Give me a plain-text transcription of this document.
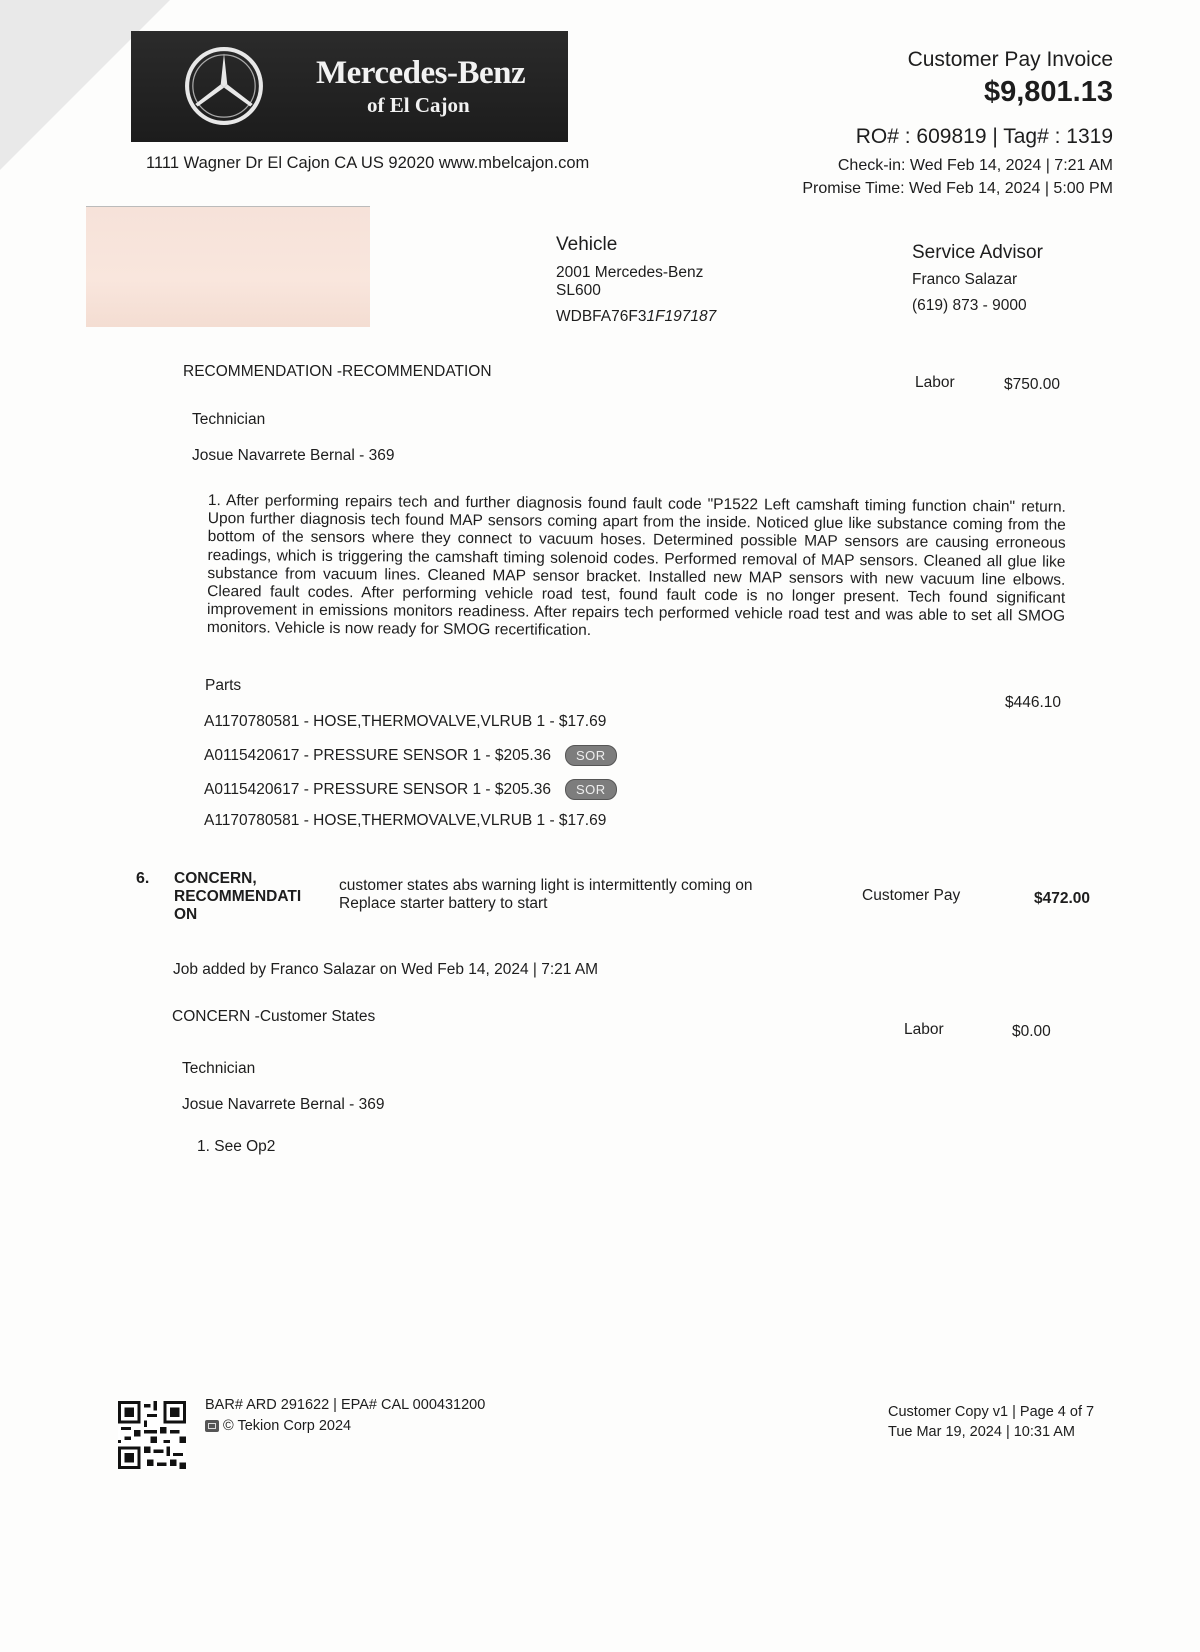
Mercedes-Benz
of El Cajon
1111 Wagner Dr El Cajon CA US 92020 www.mbelcajon.com
Customer Pay Invoice
$9,801.13
RO# : 609819 | Tag# : 1319
Check-in: Wed Feb 14, 2024 | 7:21 AM
Promise Time: Wed Feb 14, 2024 | 5:00 PM
Vehicle
2001 Mercedes-Benz
SL600
WDBFA76F31F197187
Service Advisor
Franco Salazar
(619) 873 - 9000
RECOMMENDATION -RECOMMENDATION
Labor	$750.00
Technician
Josue Navarrete Bernal - 369
1. After performing repairs tech and further diagnosis found fault code "P1522 Left camshaft timing function chain" return. Upon further diagnosis tech found MAP sensors coming apart from the inside. Noticed glue like substance coming from the bottom of the sensors where they connect to vacuum hoses. Determined possible MAP sensors are causing erroneous readings, which is triggering the camshaft timing solenoid codes. Performed removal of MAP sensors. Cleaned all glue like substance from vacuum lines. Cleaned MAP sensor bracket. Installed new MAP sensors with new vacuum line elbows. Cleared fault codes. After performing vehicle road test, found fault code is no longer present. Tech found significant improvement in emissions monitors readiness. After repairs tech performed vehicle road test and was able to set all SMOG monitors. Vehicle is now ready for SMOG recertification.
Parts
$446.10
A1170780581 - HOSE,THERMOVALVE,VLRUB 1 - $17.69
A0115420617 - PRESSURE SENSOR 1 - $205.36	SOR
A0115420617 - PRESSURE SENSOR 1 - $205.36	SOR
A1170780581 - HOSE,THERMOVALVE,VLRUB 1 - $17.69
6. CONCERN, RECOMMENDATI ON
customer states abs warning light is intermittently coming on Replace starter battery to start	Customer Pay	$472.00
Job added by Franco Salazar on Wed Feb 14, 2024 | 7:21 AM
CONCERN -Customer States
Labor	$0.00
Technician
Josue Navarrete Bernal - 369
1. See Op2
BAR# ARD 291622 | EPA# CAL 000431200
© Tekion Corp 2024
Customer Copy v1 | Page 4 of 7
Tue Mar 19, 2024 | 10:31 AM
